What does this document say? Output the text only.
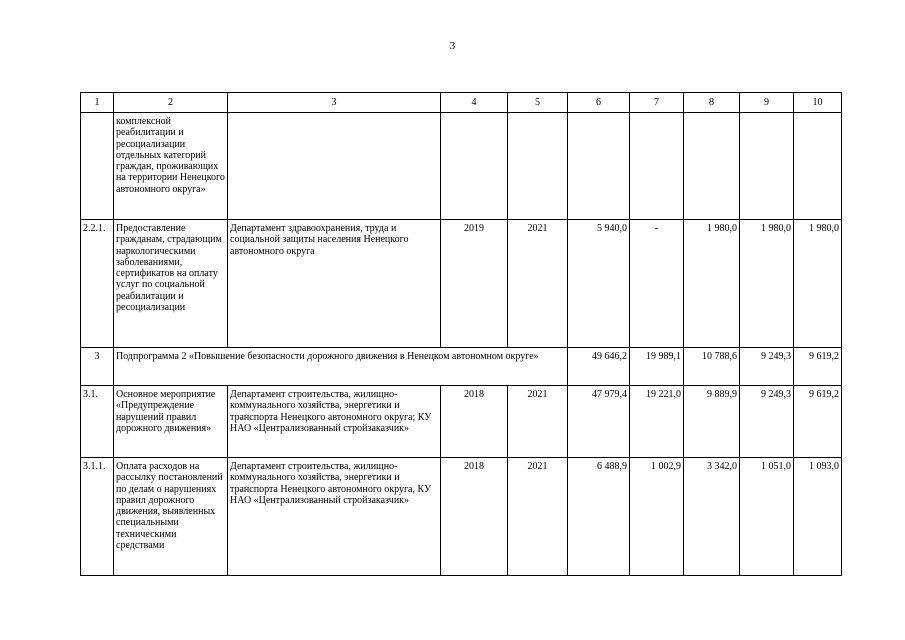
3
1	2	3	4	5	6	7	8	9	10
	комплексной реабилитации и ресоциализации отдельных категорий граждан, проживающих на территории Ненецкого автономного округа»								
2.2.1.	Предоставление гражданам, страдающим наркологическими заболеваниями, сертификатов на оплату услуг по социальной реабилитации и ресоциализации	Департамент здравоохранения, труда и социальной защиты населения Ненецкого автономного округа	2019	2021	5 940,0	-	1 980,0	1 980,0	1 980,0
3	Подпрограмма 2 «Повышение безопасности дорожного движения в Ненецком автономном округе»				49 646,2	19 989,1	10 788,6	9 249,3	9 619,2
3.1.	Основное мероприятие «Предупреждение нарушений правил дорожного движения»	Департамент строительства, жилищно-коммунального хозяйства, энергетики и транспорта Ненецкого автономного округа; КУ НАО «Централизованный стройзаказчик»	2018	2021	47 979,4	19 221,0	9 889,9	9 249,3	9 619,2
3.1.1.	Оплата расходов на рассылку постановлений по делам о нарушениях правил дорожного движения, выявленных специальными техническими средствами	Департамент строительства, жилищно-коммунального хозяйства, энергетики и транспорта Ненецкого автономного округа, КУ НАО «Централизованный стройзаказчик»	2018	2021	6 488,9	1 002,9	3 342,0	1 051,0	1 093,0
